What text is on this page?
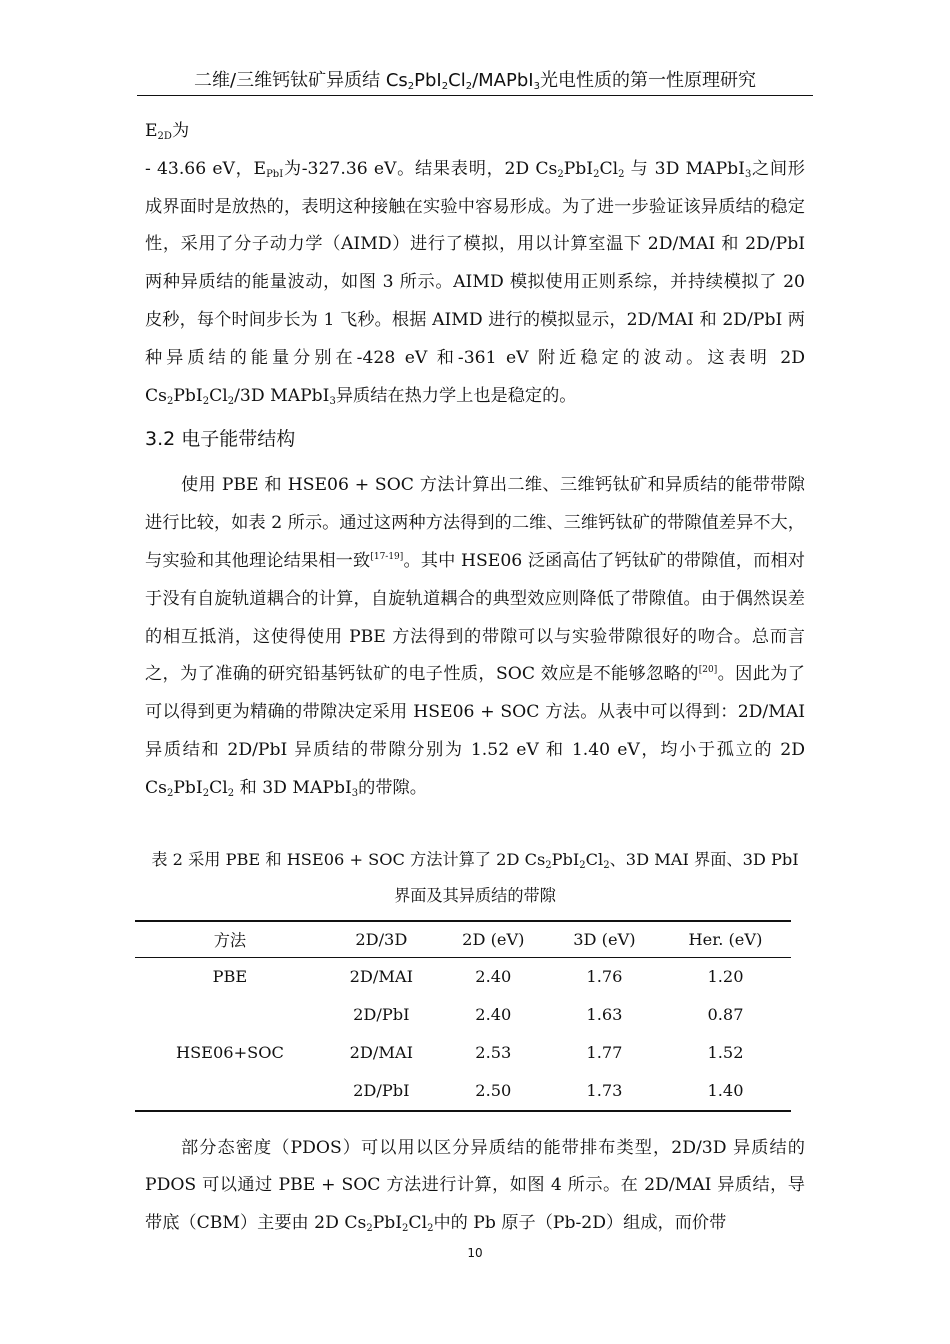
二维/三维钙钛矿异质结 $Cs_2PbI_2Cl_2/MAPbI_3$光电性质的第一性原理研究

$E_{2D}$为

- 43.66 eV，$E_{PbI}$为-327.36 eV。结果表明，2D $Cs_2PbI_2Cl_2$ 与 3D MAPbI$_3$之间形成界面时是放热的，表明这种接触在实验中容易形成。为了进一步验证该异质结的稳定性，采用了分子动力学（AIMD）进行了模拟，用以计算室温下 2D/MAI 和 2D/PbI 两种异质结的能量波动，如图 3 所示。AIMD 模拟使用正则系综，并持续模拟了 20 皮秒，每个时间步长为 1 飞秒。根据 AIMD 进行的模拟显示，2D/MAI 和 2D/PbI 两种异质结的能量分别在-428 eV 和-361 eV 附近稳定的波动。这表明 2D $Cs_2PbI_2Cl_2/3D$ MAPbI$_3$异质结在热力学上也是稳定的。

3.2 电子能带结构

使用 PBE 和 HSE06 + SOC 方法计算出二维、三维钙钛矿和异质结的能带带隙进行比较，如表 2 所示。通过这两种方法得到的二维、三维钙钛矿的带隙值差异不大，与实验和其他理论结果相一致[17-19]。其中 HSE06 泛函高估了钙钛矿的带隙值，而相对于没有自旋轨道耦合的计算，自旋轨道耦合的典型效应则降低了带隙值。由于偶然误差的相互抵消，这使得使用 PBE 方法得到的带隙可以与实验带隙很好的吻合。总而言之，为了准确的研究铅基钙钛矿的电子性质，SOC 效应是不能够忽略的[20]。因此为了可以得到更为精确的带隙决定采用 HSE06 + SOC 方法。从表中可以得到：2D/MAI 异质结和 2D/PbI 异质结的带隙分别为 1.52 eV 和 1.40 eV，均小于孤立的 2D $Cs_2PbI_2Cl_2$ 和 3D MAPbI$_3$的带隙。

表 2 采用 PBE 和 HSE06 + SOC 方法计算了 2D $Cs_2PbI_2Cl_2$、3D MAI 界面、3D PbI 界面及其异质结的带隙
方法	2D/3D	2D (eV)	3D (eV)	Her. (eV)
PBE	2D/MAI	2.40	1.76	1.20
	2D/PbI	2.40	1.63	0.87
HSE06+SOC	2D/MAI	2.53	1.77	1.52
	2D/PbI	2.50	1.73	1.40

部分态密度（PDOS）可以用以区分异质结的能带排布类型，2D/3D 异质结的 PDOS 可以通过 PBE + SOC 方法进行计算，如图 4 所示。在 2D/MAI 异质结，导带底（CBM）主要由 2D $Cs_2PbI_2Cl_2$中的 Pb 原子（Pb-2D）组成，而价带

10
